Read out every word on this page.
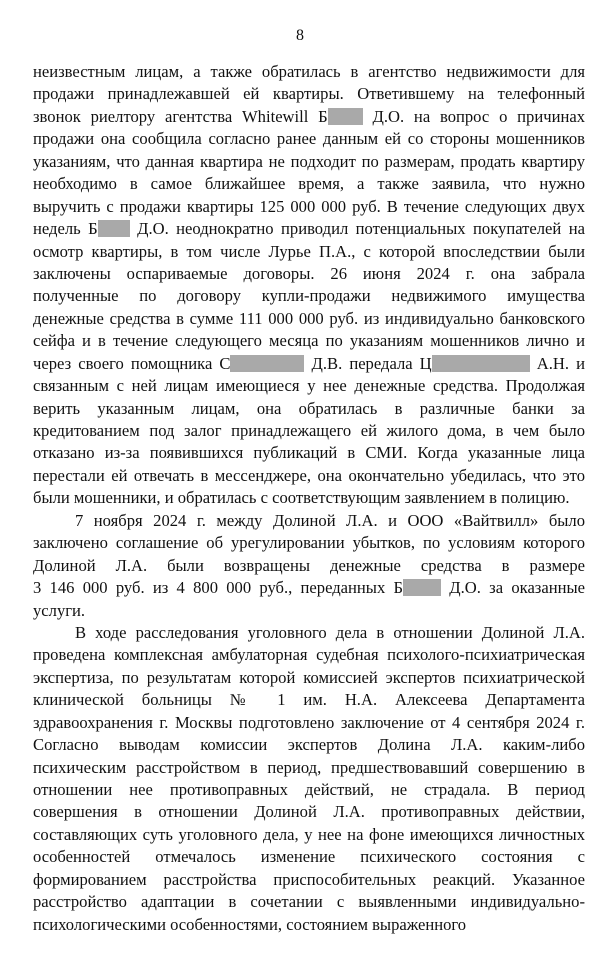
8
неизвестным лицам, а также обратилась в агентство недвижимости для
продажи принадлежавшей ей квартиры. Ответившему на телефонный
звонок риелтору агентства Whitewill Б Д.О. на вопрос о причинах
продажи она сообщила согласно ранее данным ей со стороны мошенников
указаниям, что данная квартира не подходит по размерам, продать квартиру
необходимо в самое ближайшее время, а также заявила, что нужно
выручить с продажи квартиры 125 000 000 руб. В течение следующих двух
недель Б Д.О. неоднократно приводил потенциальных покупателей на
осмотр квартиры, в том числе Лурье П.А., с которой впоследствии были
заключены оспариваемые договоры. 26 июня 2024 г. она забрала
полученные по договору купли-продажи недвижимого имущества
денежные средства в сумме 111 000 000 руб. из индивидуально банковского
сейфа и в течение следующего месяца по указаниям мошенников лично и
через своего помощника С	Д.В. передала Ц	А.Н. и
связанным с ней лицам имеющиеся у нее денежные средства. Продолжая
верить указанным лицам, она обратилась в различные банки за
кредитованием под залог принадлежащего ей жилого дома, в чем было
отказано из-за появившихся публикаций в СМИ. Когда указанные лица
перестали ей отвечать в мессенджере, она окончательно убедилась, что это
были мошенники, и обратилась с соответствующим заявлением в полицию.
7 ноября 2024 г. между Долиной Л.А. и ООО «Вайтвилл» было
заключено соглашение об урегулировании убытков, по условиям которого
Долиной Л.А. были возвращены денежные средства в размере
3 146 000 руб. из 4 800 000 руб., переданных Б Д.О. за оказанные
услуги.
В ходе расследования уголовного дела в отношении Долиной Л.А.
проведена комплексная амбулаторная судебная психолого-психиатрическая
экспертиза, по результатам которой комиссией экспертов психиатрической
клинической больницы № 1 им. Н.А. Алексеева Департамента
здравоохранения г. Москвы подготовлено заключение от 4 сентября 2024 г.
Согласно выводам комиссии экспертов Долина Л.А. каким-либо
психическим расстройством в период, предшествовавший совершению в
отношении нее противоправных действий, не страдала. В период
совершения в отношении Долиной Л.А. противоправных действии,
составляющих суть уголовного дела, у нее на фоне имеющихся личностных
особенностей отмечалось изменение психического состояния с
формированием расстройства приспособительных реакций. Указанное
расстройство адаптации в сочетании с выявленными индивидуально-
психологическими особенностями, состоянием выраженного
